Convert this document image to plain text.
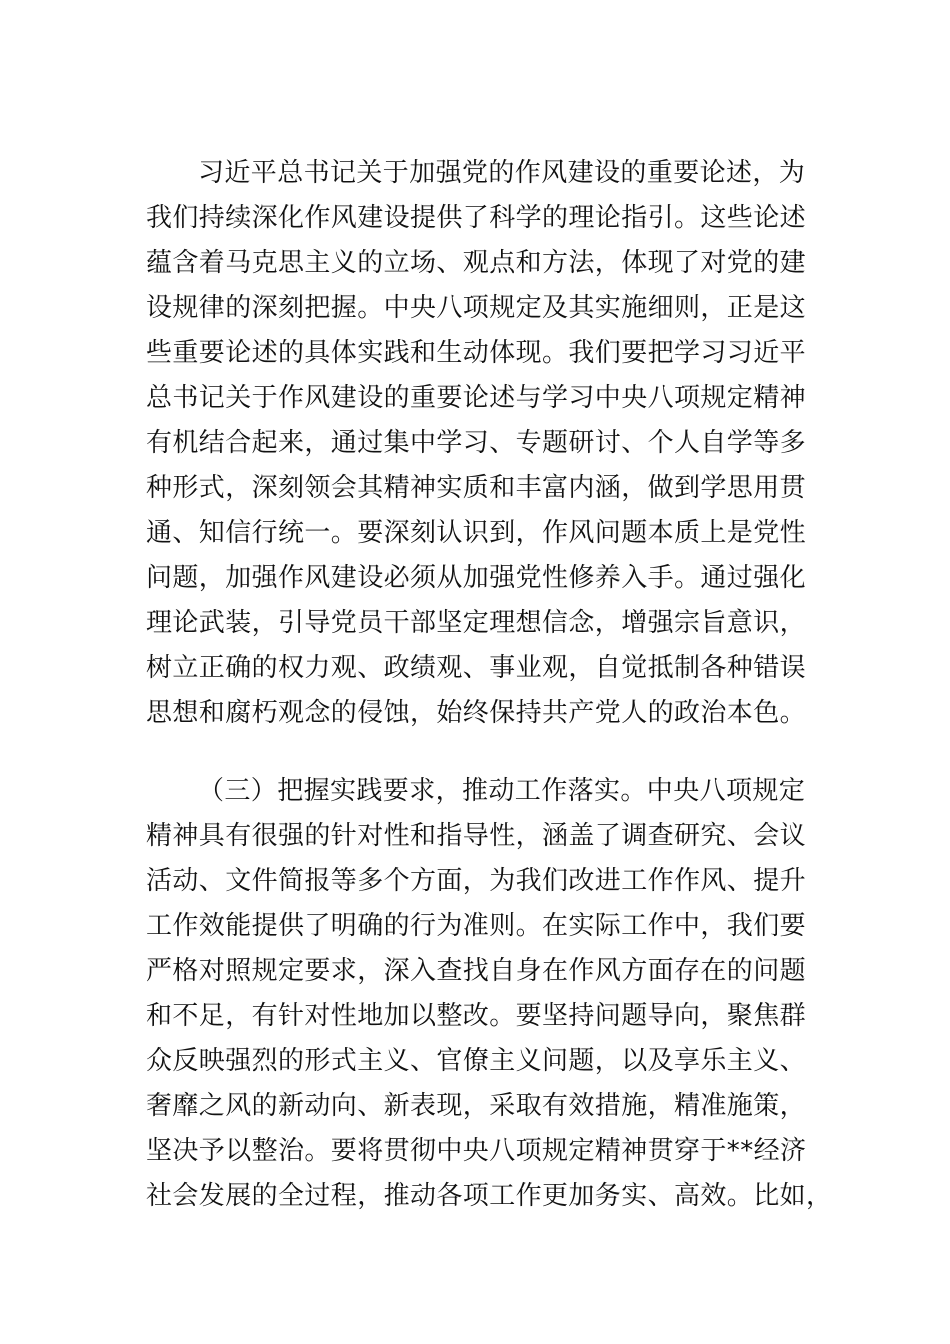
习近平总书记关于加强党的作风建设的重要论述，为
我们持续深化作风建设提供了科学的理论指引。这些论述
蕴含着马克思主义的立场、观点和方法，体现了对党的建
设规律的深刻把握。中央八项规定及其实施细则，正是这
些重要论述的具体实践和生动体现。我们要把学习习近平
总书记关于作风建设的重要论述与学习中央八项规定精神
有机结合起来，通过集中学习、专题研讨、个人自学等多
种形式，深刻领会其精神实质和丰富内涵，做到学思用贯
通、知信行统一。要深刻认识到，作风问题本质上是党性
问题，加强作风建设必须从加强党性修养入手。通过强化
理论武装，引导党员干部坚定理想信念，增强宗旨意识，
树立正确的权力观、政绩观、事业观，自觉抵制各种错误
思想和腐朽观念的侵蚀，始终保持共产党人的政治本色。
（三）把握实践要求，推动工作落实。中央八项规定
精神具有很强的针对性和指导性，涵盖了调查研究、会议
活动、文件简报等多个方面，为我们改进工作作风、提升
工作效能提供了明确的行为准则。在实际工作中，我们要
严格对照规定要求，深入查找自身在作风方面存在的问题
和不足，有针对性地加以整改。要坚持问题导向，聚焦群
众反映强烈的形式主义、官僚主义问题，以及享乐主义、
奢靡之风的新动向、新表现，采取有效措施，精准施策，
坚决予以整治。要将贯彻中央八项规定精神贯穿于**经济
社会发展的全过程，推动各项工作更加务实、高效。比如，
